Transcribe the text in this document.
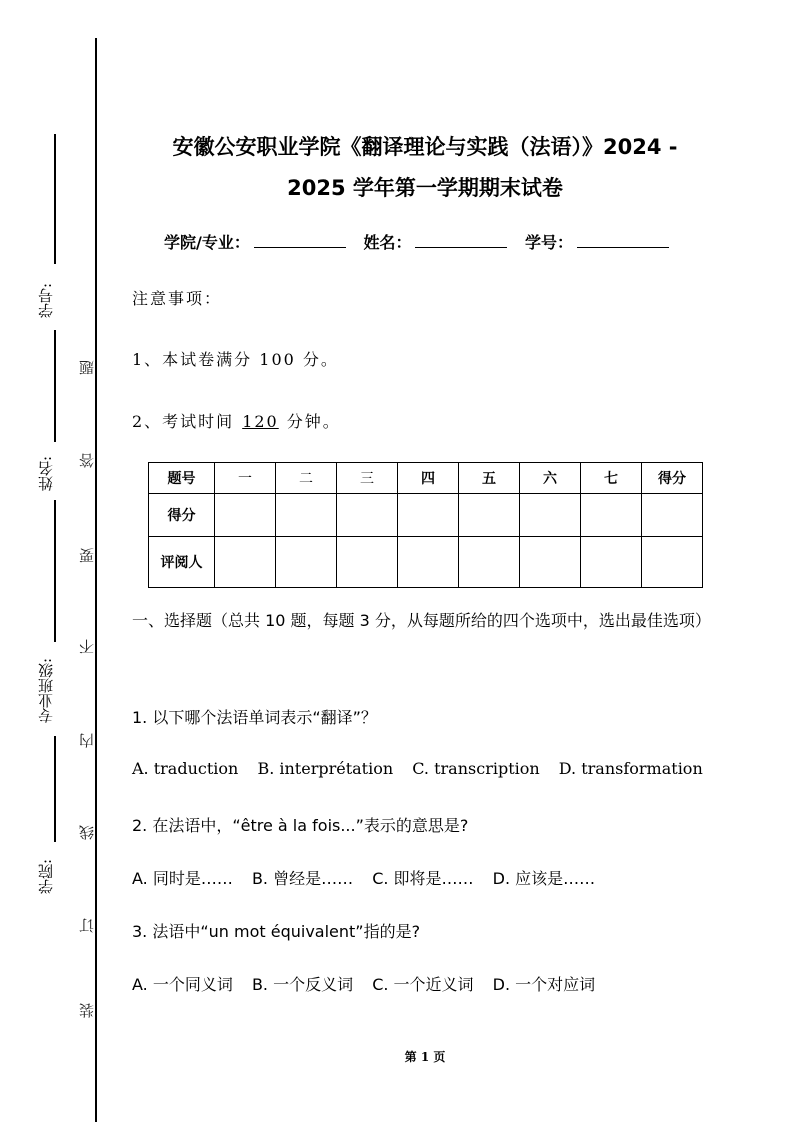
学号:
姓名:
专业班级:
学院:
题
答
要
不
内
线
订
装
安徽公安职业学院《翻译理论与实践（法语）》2024 -
2025 学年第一学期期末试卷
学院/专业：	姓名：	学号：
注意事项：
1、本试卷满分 100 分。
2、考试时间 120 分钟。
题号	一	二	三	四	五	六	七	得分
得分								
评阅人								
一、选择题（总共 10 题，每题 3 分，从每题所给的四个选项中，选出最佳选项）
1. 以下哪个法语单词表示“翻译”？
A. traduction B. interprétation C. transcription D. transformation
2. 在法语中，“être à la fois...”表示的意思是?
A. 同时是…… B. 曾经是…… C. 即将是…… D. 应该是……
3. 法语中“un mot équivalent”指的是?
A. 一个同义词 B. 一个反义词 C. 一个近义词 D. 一个对应词
第 1 页
